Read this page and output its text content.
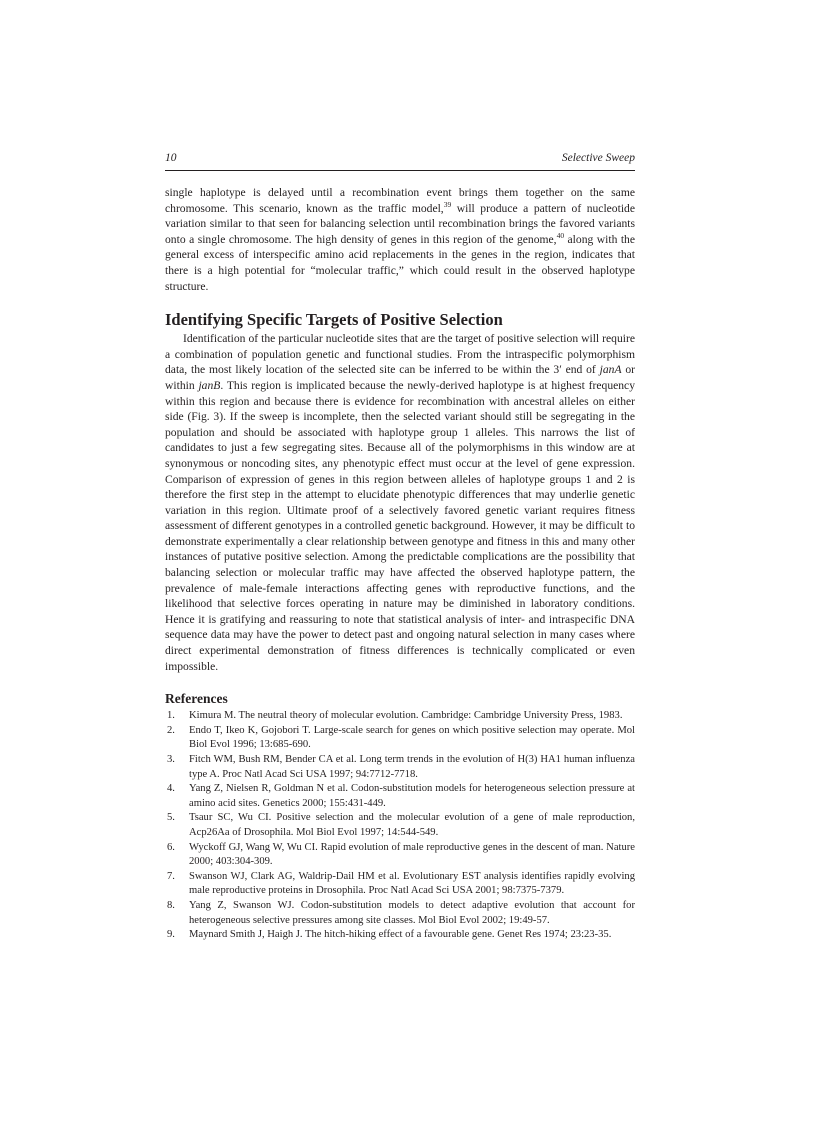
10	Selective Sweep

single haplotype is delayed until a recombination event brings them together on the same chromosome. This scenario, known as the traffic model,$^{39}$ will produce a pattern of nucleotide variation similar to that seen for balancing selection until recombination brings the favored variants onto a single chromosome. The high density of genes in this region of the genome,$^{40}$ along with the general excess of interspecific amino acid replacements in the genes in the region, indicates that there is a high potential for “molecular traffic,” which could result in the observed haplotype structure.

Identifying Specific Targets of Positive Selection

Identification of the particular nucleotide sites that are the target of positive selection will require a combination of population genetic and functional studies. From the intraspecific polymorphism data, the most likely location of the selected site can be inferred to be within the 3′ end of janA or within janB. This region is implicated because the newly-derived haplotype is at highest frequency within this region and because there is evidence for recombination with ancestral alleles on either side (Fig. 3). If the sweep is incomplete, then the selected variant should still be segregating in the population and should be associated with haplotype group 1 alleles. This narrows the list of candidates to just a few segregating sites. Because all of the polymorphisms in this window are at synonymous or noncoding sites, any phenotypic effect must occur at the level of gene expression. Comparison of expression of genes in this region between alleles of haplotype groups 1 and 2 is therefore the first step in the attempt to elucidate phenotypic differences that may underlie genetic variation in this region. Ultimate proof of a selectively favored genetic variant requires fitness assessment of different genotypes in a controlled genetic background. However, it may be difficult to demonstrate experimentally a clear relationship between genotype and fitness in this and many other instances of putative positive selection. Among the predictable complications are the possibility that balancing selection or molecular traffic may have affected the observed haplotype pattern, the prevalence of male-female interactions affecting genes with reproductive functions, and the likelihood that selective forces operating in nature may be diminished in laboratory conditions. Hence it is gratifying and reassuring to note that statistical analysis of inter- and intraspecific DNA sequence data may have the power to detect past and ongoing natural selection in many cases where direct experimental demonstration of fitness differences is technically complicated or even impossible.

References
1. Kimura M. The neutral theory of molecular evolution. Cambridge: Cambridge University Press, 1983.
2. Endo T, Ikeo K, Gojobori T. Large-scale search for genes on which positive selection may operate. Mol Biol Evol 1996; 13:685-690.
3. Fitch WM, Bush RM, Bender CA et al. Long term trends in the evolution of H(3) HA1 human influenza type A. Proc Natl Acad Sci USA 1997; 94:7712-7718.
4. Yang Z, Nielsen R, Goldman N et al. Codon-substitution models for heterogeneous selection pressure at amino acid sites. Genetics 2000; 155:431-449.
5. Tsaur SC, Wu CI. Positive selection and the molecular evolution of a gene of male reproduction, Acp26Aa of Drosophila. Mol Biol Evol 1997; 14:544-549.
6. Wyckoff GJ, Wang W, Wu CI. Rapid evolution of male reproductive genes in the descent of man. Nature 2000; 403:304-309.
7. Swanson WJ, Clark AG, Waldrip-Dail HM et al. Evolutionary EST analysis identifies rapidly evolving male reproductive proteins in Drosophila. Proc Natl Acad Sci USA 2001; 98:7375-7379.
8. Yang Z, Swanson WJ. Codon-substitution models to detect adaptive evolution that account for heterogeneous selective pressures among site classes. Mol Biol Evol 2002; 19:49-57.
9. Maynard Smith J, Haigh J. The hitch-hiking effect of a favourable gene. Genet Res 1974; 23:23-35.
